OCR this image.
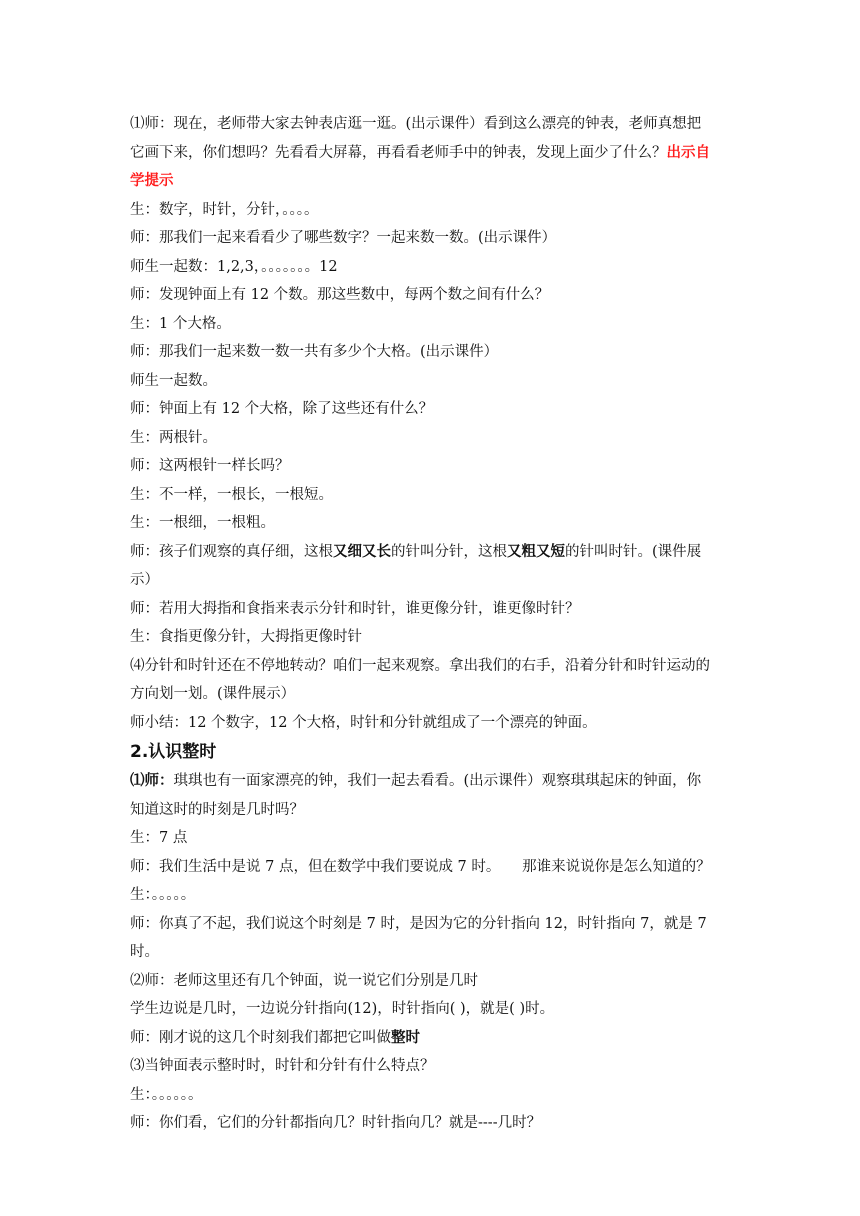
⑴师：现在，老师带大家去钟表店逛一逛。(出示课件）看到这么漂亮的钟表，老师真想把

它画下来，你们想吗？先看看大屏幕，再看看老师手中的钟表，发现上面少了什么？出示自

学提示

生：数字，时针，分针，。。。。

师：那我们一起来看看少了哪些数字？一起来数一数。(出示课件）

师生一起数：1,2,3，。。。。。。。12

师：发现钟面上有 12 个数。那这些数中，每两个数之间有什么？

生：1 个大格。

师：那我们一起来数一数一共有多少个大格。(出示课件）

师生一起数。

师：钟面上有 12 个大格，除了这些还有什么？

生：两根针。

师：这两根针一样长吗？

生：不一样，一根长，一根短。

生：一根细，一根粗。

师：孩子们观察的真仔细，这根又细又长的针叫分针，这根又粗又短的针叫时针。(课件展

示）

师：若用大拇指和食指来表示分针和时针，谁更像分针，谁更像时针？

生：食指更像分针，大拇指更像时针

⑷分针和时针还在不停地转动？咱们一起来观察。拿出我们的右手，沿着分针和时针运动的

方向划一划。(课件展示）

师小结：12 个数字，12 个大格，时针和分针就组成了一个漂亮的钟面。

2.认识整时

⑴师：琪琪也有一面家漂亮的钟，我们一起去看看。(出示课件）观察琪琪起床的钟面，你

知道这时的时刻是几时吗？

生：7 点

师：我们生活中是说 7 点，但在数学中我们要说成 7 时。　　那谁来说说你是怎么知道的？

生：。。。。。

师：你真了不起，我们说这个时刻是 7 时，是因为它的分针指向 12，时针指向 7，就是 7

时。

⑵师：老师这里还有几个钟面，说一说它们分别是几时

学生边说是几时，一边说分针指向(12)，时针指向( )，就是( )时。

师：刚才说的这几个时刻我们都把它叫做整时

⑶当钟面表示整时时，时针和分针有什么特点？

生：。。。。。。

师：你们看，它们的分针都指向几？时针指向几？就是----几时？
